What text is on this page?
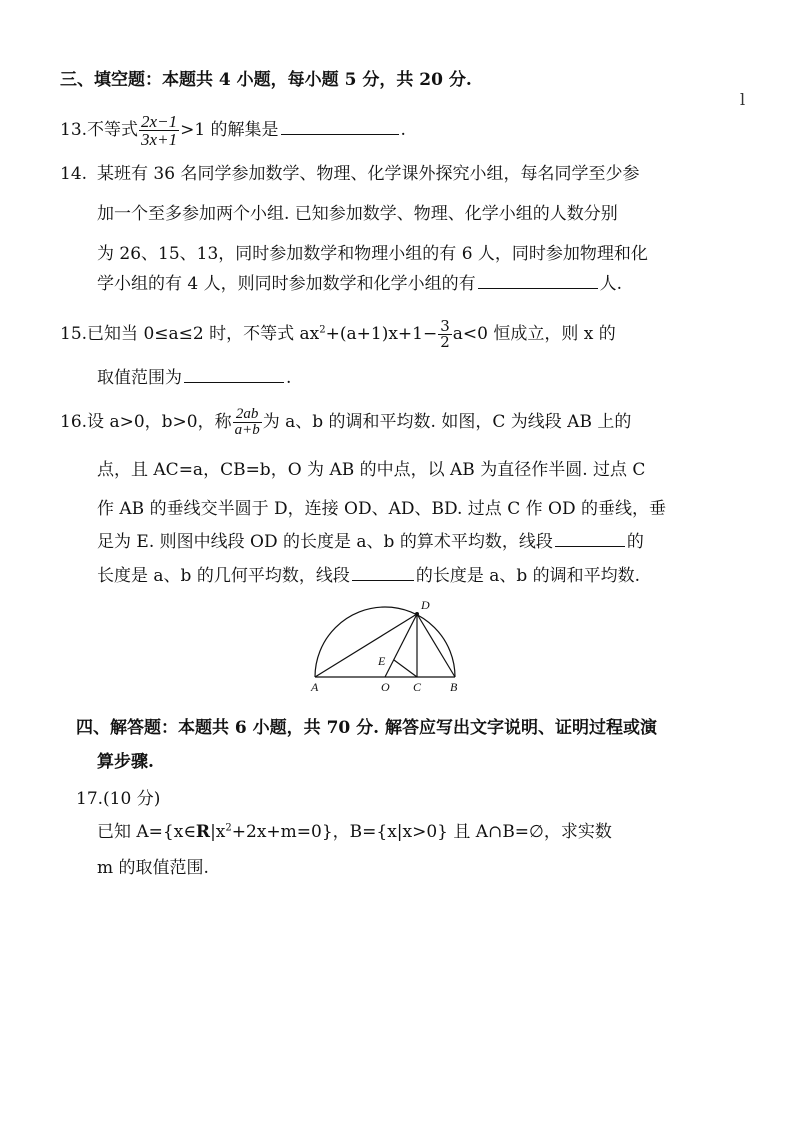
l
三、填空题：本题共 4 小题，每小题 5 分，共 20 分.
13.不等式 $\frac{2x-1}{3x+1} >1$ 的解集是	.
14. 某班有 36 名同学参加数学、物理、化学课外探究小组，每名同学至少参
加一个至多参加两个小组. 已知参加数学、物理、化学小组的人数分别
为 26、15、13，同时参加数学和物理小组的有 6 人，同时参加物理和化
学小组的有 4 人，则同时参加数学和化学小组的有	人.
15.已知当 0≤a≤2 时，不等式 $ax^2+(a+1)x+1- \frac{3}{2} a<0$ 恒成立，则 x 的
取值范围为	.
16.设 a>0，b>0，称 $\frac{2ab}{a+b}$ 为 a、b 的调和平均数. 如图，C 为线段 AB 上的
点，且 AC=a，CB=b，O 为 AB 的中点，以 AB 为直径作半圆. 过点 C
作 AB 的垂线交半圆于 D，连接 OD、AD、BD. 过点 C 作 OD 的垂线，垂
足为 E. 则图中线段 OD 的长度是 a、b 的算术平均数，线段	的
长度是 a、b 的几何平均数，线段	的长度是 a、b 的调和平均数.
A	O C B
D
E
四、解答题：本题共 6 小题，共 70 分. 解答应写出文字说明、证明过程或演
算步骤.
17.(10 分)
已知 $A=\{x\in R|x^2+2x+m=0\}$，B={x|x>0} 且 A∩B=∅，求实数
m 的取值范围.
